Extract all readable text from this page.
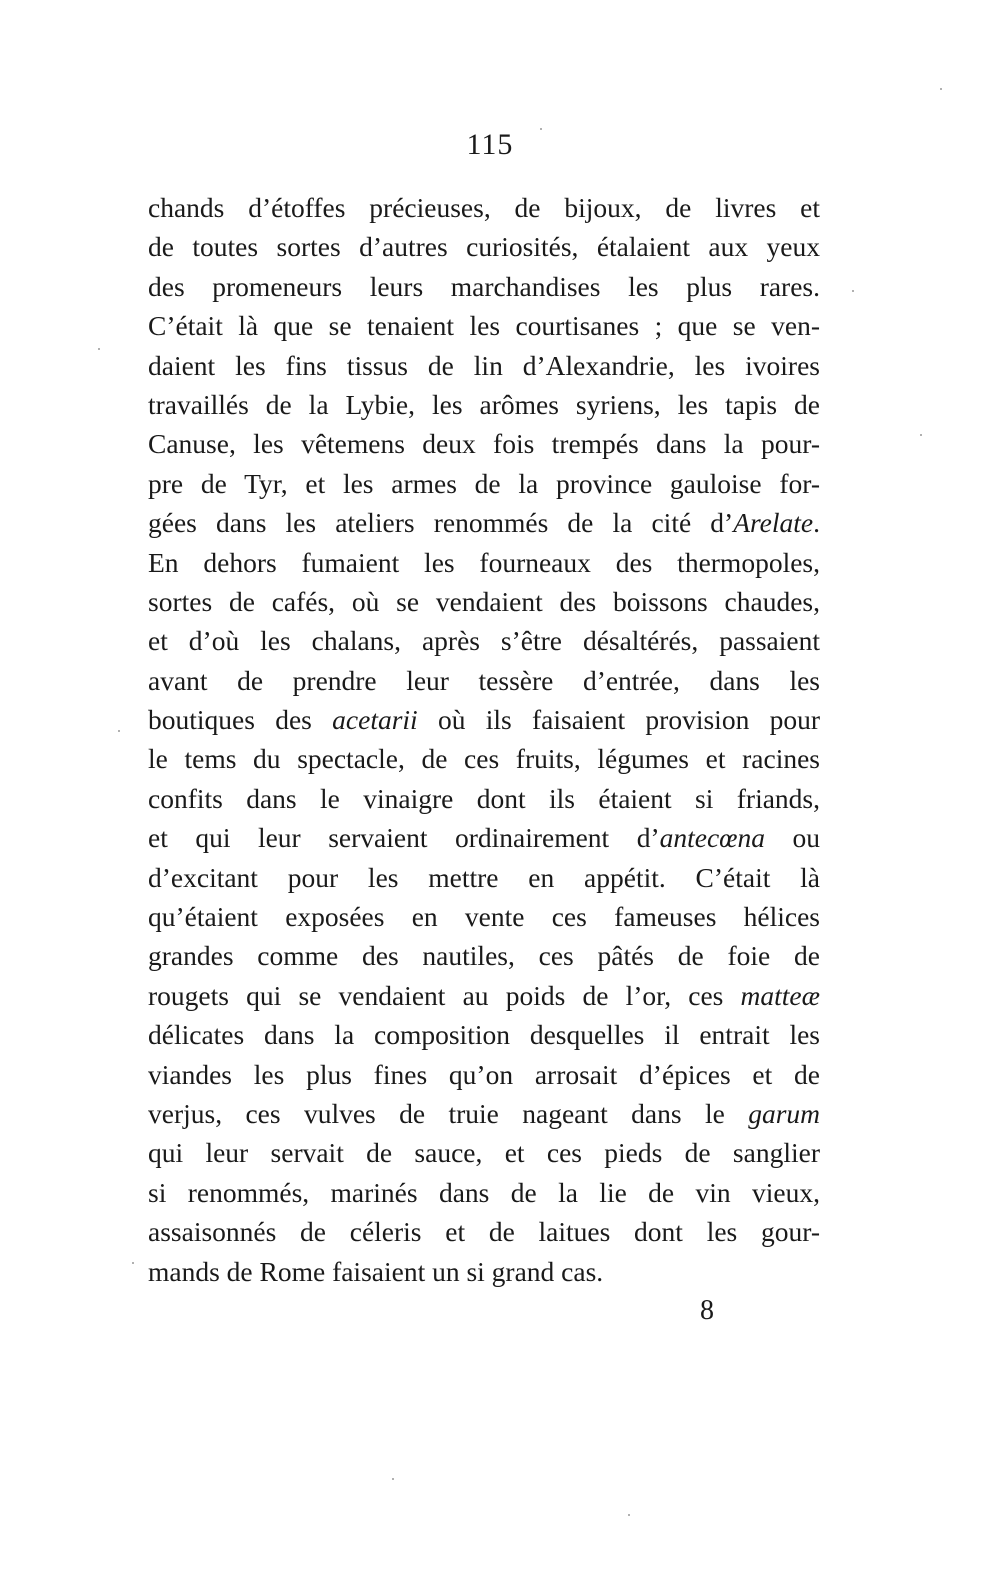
115
chands d’étoffes précieuses, de bijoux, de livres et
de toutes sortes d’autres curiosités, étalaient aux yeux
des promeneurs leurs marchandises les plus rares.
C’était là que se tenaient les courtisanes ; que se ven-
daient les fins tissus de lin d’Alexandrie, les ivoires
travaillés de la Lybie, les arômes syriens, les tapis de
Canuse, les vêtemens deux fois trempés dans la pour-
pre de Tyr, et les armes de la province gauloise for-
gées dans les ateliers renommés de la cité d’Arelate.
En dehors fumaient les fourneaux des thermopoles,
sortes de cafés, où se vendaient des boissons chaudes,
et d’où les chalans, après s’être désaltérés, passaient
avant de prendre leur tessère d’entrée, dans les
boutiques des acetarii où ils faisaient provision pour
le tems du spectacle, de ces fruits, légumes et racines
confits dans le vinaigre dont ils étaient si friands,
et qui leur servaient ordinairement d’antecœna ou
d’excitant pour les mettre en appétit. C’était là
qu’étaient exposées en vente ces fameuses hélices
grandes comme des nautiles, ces pâtés de foie de
rougets qui se vendaient au poids de l’or, ces matteæ
délicates dans la composition desquelles il entrait les
viandes les plus fines qu’on arrosait d’épices et de
verjus, ces vulves de truie nageant dans le garum
qui leur servait de sauce, et ces pieds de sanglier
si renommés, marinés dans de la lie de vin vieux,
assaisonnés de céleris et de laitues dont les gour-
mands de Rome faisaient un si grand cas.
8
